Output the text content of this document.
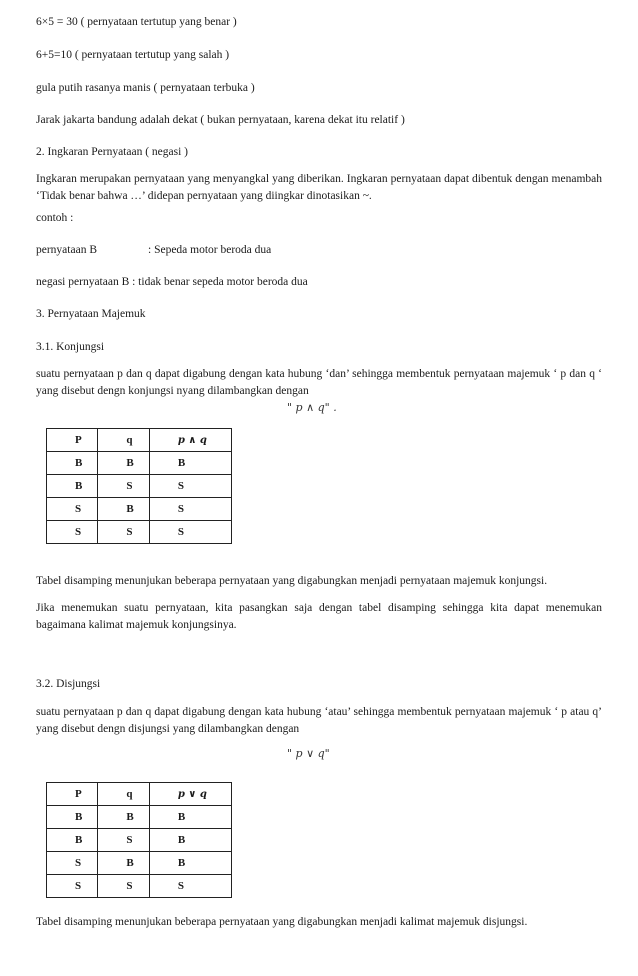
6×5 = 30 ( pernyataan tertutup yang benar )
6+5=10 ( pernyataan tertutup yang salah )
gula putih rasanya manis ( pernyataan terbuka )
Jarak jakarta bandung adalah dekat ( bukan pernyataan, karena dekat itu relatif )
2. Ingkaran Pernyataan ( negasi )
Ingkaran merupakan pernyataan yang menyangkal yang diberikan. Ingkaran pernyataan dapat dibentuk dengan menambah ‘Tidak benar bahwa …’ didepan pernyataan yang diingkar dinotasikan ~.
contoh :
pernyataan B	: Sepeda motor beroda dua
negasi pernyataan B : tidak benar sepeda motor beroda dua
3. Pernyataan Majemuk
3.1. Konjungsi
suatu pernyataan p dan q dapat digabung dengan kata hubung ‘dan’ sehingga membentuk pernyataan majemuk ‘ p dan q ‘ yang disebut dengn konjungsi nyang dilambangkan dengan
" p ∧ q" .
P	q	p ∧ q
B	B	B
B	S	S
S	B	S
S	S	S
Tabel disamping menunjukan beberapa pernyataan yang digabungkan menjadi pernyataan majemuk konjungsi.
Jika menemukan suatu pernyataan, kita pasangkan saja dengan tabel disamping sehingga kita dapat menemukan bagaimana kalimat majemuk konjungsinya.
3.2. Disjungsi
suatu pernyataan p dan q dapat digabung dengan kata hubung ‘atau’ sehingga membentuk pernyataan majemuk ‘ p atau q’ yang disebut dengn disjungsi yang dilambangkan dengan
" p ∨ q"
P	q	p ∨ q
B	B	B
B	S	B
S	B	B
S	S	S
Tabel disamping menunjukan beberapa pernyataan yang digabungkan menjadi kalimat majemuk disjungsi.
